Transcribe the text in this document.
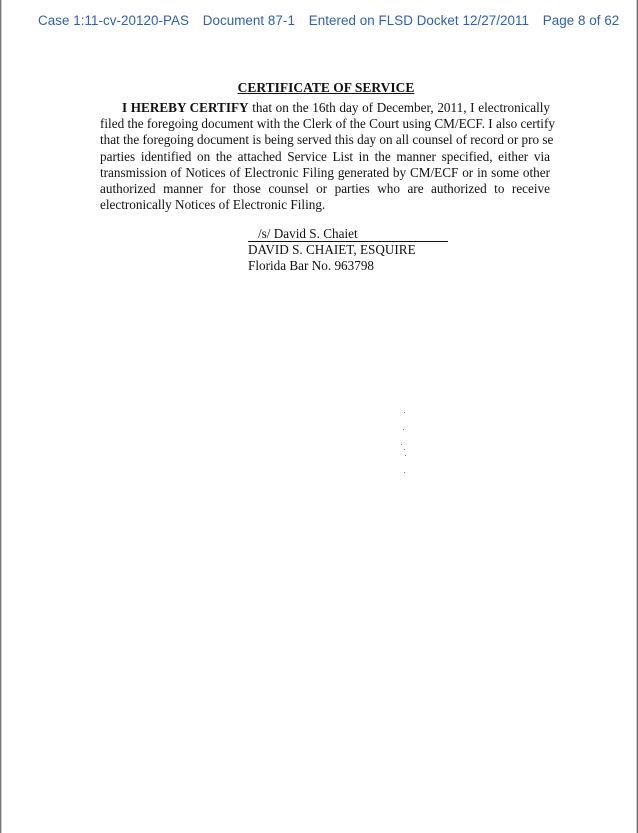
Case 1:11-cv-20120-PAS Document 87-1 Entered on FLSD Docket 12/27/2011 Page 8 of 62
CERTIFICATE OF SERVICE
I HEREBY CERTIFY that on the 16th day of December, 2011, I electronically
filed the foregoing document with the Clerk of the Court using CM/ECF. I also certify
that the foregoing document is being served this day on all counsel of record or pro se
parties identified on the attached Service List in the manner specified, either via
transmission of Notices of Electronic Filing generated by CM/ECF or in some other
authorized manner for those counsel or parties who are authorized to receive
electronically Notices of Electronic Filing.
/s/ David S. Chaiet
DAVID S. CHAIET, ESQUIRE
Florida Bar No. 963798
